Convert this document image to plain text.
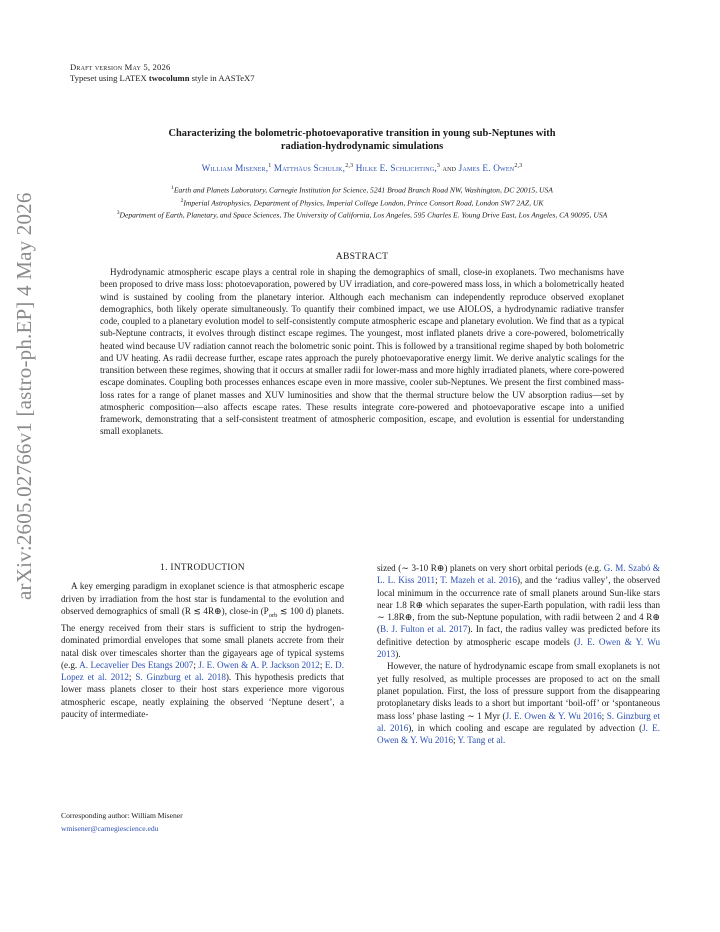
arXiv:2605.02766v1 [astro-ph.EP] 4 May 2026
Draft version May 5, 2026
Typeset using LATEX twocolumn style in AASTeX7
Characterizing the bolometric-photoevaporative transition in young sub-Neptunes with
radiation-hydrodynamic simulations
William Misener,$^1$ Matthäus Schulik,$^{2,3}$ Hilke E. Schlichting,$^3$ and James E. Owen$^{2,3}$
$^1$Earth and Planets Laboratory, Carnegie Institution for Science, 5241 Broad Branch Road NW, Washington, DC 20015, USA
$^2$Imperial Astrophysics, Department of Physics, Imperial College London, Prince Consort Road, London SW7 2AZ, UK
$^3$Department of Earth, Planetary, and Space Sciences, The University of California, Los Angeles, 595 Charles E. Young Drive East, Los Angeles, CA 90095, USA
ABSTRACT
Hydrodynamic atmospheric escape plays a central role in shaping the demographics of small, close-in exoplanets. Two mechanisms have been proposed to drive mass loss: photoevaporation, powered by UV irradiation, and core-powered mass loss, in which a bolometrically heated wind is sustained by cooling from the planetary interior. Although each mechanism can independently reproduce observed exoplanet demographics, both likely operate simultaneously. To quantify their combined impact, we use AIOLOS, a hydrodynamic radiative transfer code, coupled to a planetary evolution model to self-consistently compute atmospheric escape and planetary evolution. We find that as a typical sub-Neptune contracts, it evolves through distinct escape regimes. The youngest, most inflated planets drive a core-powered, bolometrically heated wind because UV radiation cannot reach the bolometric sonic point. This is followed by a transitional regime shaped by both bolometric and UV heating. As radii decrease further, escape rates approach the purely photoevaporative energy limit. We derive analytic scalings for the transition between these regimes, showing that it occurs at smaller radii for lower-mass and more highly irradiated planets, where core-powered escape dominates. Coupling both processes enhances escape even in more massive, cooler sub-Neptunes. We present the first combined mass-loss rates for a range of planet masses and XUV luminosities and show that the thermal structure below the UV absorption radius—set by atmospheric composition—also affects escape rates. These results integrate core-powered and photoevaporative escape into a unified framework, demonstrating that a self-consistent treatment of atmospheric composition, escape, and evolution is essential for understanding small exoplanets.
1. INTRODUCTION

A key emerging paradigm in exoplanet science is that atmospheric escape driven by irradiation from the host star is fundamental to the evolution and observed demographics of small (R ≲ 4R⊕), close-in ($P_{orb}$ ≲ 100 d) planets. The energy received from their stars is sufficient to strip the hydrogen-dominated primordial envelopes that some small planets accrete from their natal disk over timescales shorter than the gigayears age of typical systems (e.g. A. Lecavelier Des Etangs 2007; J. E. Owen & A. P. Jackson 2012; E. D. Lopez et al. 2012; S. Ginzburg et al. 2018). This hypothesis predicts that lower mass planets closer to their host stars experience more vigorous atmospheric escape, neatly explaining the observed ‘Neptune desert’, a paucity of intermediate-

sized (∼ 3-10 R⊕) planets on very short orbital periods (e.g. G. M. Szabó & L. L. Kiss 2011; T. Mazeh et al. 2016), and the ‘radius valley’, the observed local minimum in the occurrence rate of small planets around Sun-like stars near 1.8 R⊕ which separates the super-Earth population, with radii less than ∼ 1.8R⊕, from the sub-Neptune population, with radii between 2 and 4 R⊕ (B. J. Fulton et al. 2017). In fact, the radius valley was predicted before its definitive detection by atmospheric escape models (J. E. Owen & Y. Wu 2013).

However, the nature of hydrodynamic escape from small exoplanets is not yet fully resolved, as multiple processes are proposed to act on the small planet population. First, the loss of pressure support from the disappearing protoplanetary disks leads to a short but important ‘boil-off’ or ‘spontaneous mass loss’ phase lasting ∼ 1 Myr (J. E. Owen & Y. Wu 2016; S. Ginzburg et al. 2016), in which cooling and escape are regulated by advection (J. E. Owen & Y. Wu 2016; Y. Tang et al.

Corresponding author: William Misener
wmisener@carnegiescience.edu
